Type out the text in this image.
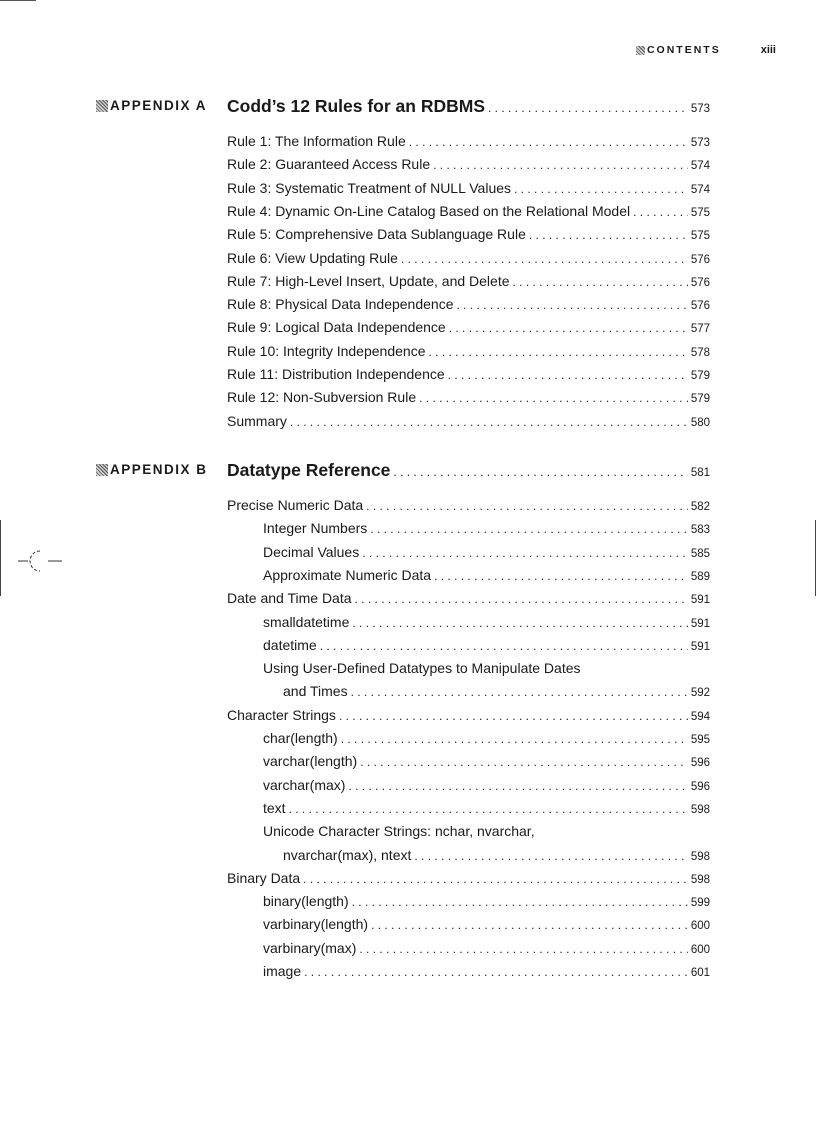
CONTENTS	xiii
APPENDIX A Codd’s 12 Rules for an RDBMS . . .	573
Rule 1: The Information Rule . . .	573
Rule 2: Guaranteed Access Rule . . .	574
Rule 3: Systematic Treatment of NULL Values . . .	574
Rule 4: Dynamic On-Line Catalog Based on the Relational Model . . .	575
Rule 5: Comprehensive Data Sublanguage Rule . . .	575
Rule 6: View Updating Rule . . .	576
Rule 7: High-Level Insert, Update, and Delete . . .	576
Rule 8: Physical Data Independence . . .	576
Rule 9: Logical Data Independence . . .	577
Rule 10: Integrity Independence . . .	578
Rule 11: Distribution Independence . . .	579
Rule 12: Non-Subversion Rule . . .	579
Summary . . .	580
APPENDIX B Datatype Reference . . .	581
Precise Numeric Data . . .	582
Integer Numbers . . .	583
Decimal Values . . .	585
Approximate Numeric Data . . .	589
Date and Time Data . . .	591
smalldatetime . . .	591
datetime . . .	591
Using User-Defined Datatypes to Manipulate Dates
and Times . . .	592
Character Strings . . .	594
char(length) . . .	595
varchar(length) . . .	596
varchar(max) . . .	596
text . . .	598
Unicode Character Strings: nchar, nvarchar,
nvarchar(max), ntext . . .	598
Binary Data . . .	598
binary(length) . . .	599
varbinary(length) . . .	600
varbinary(max) . . .	600
image . . .	601
